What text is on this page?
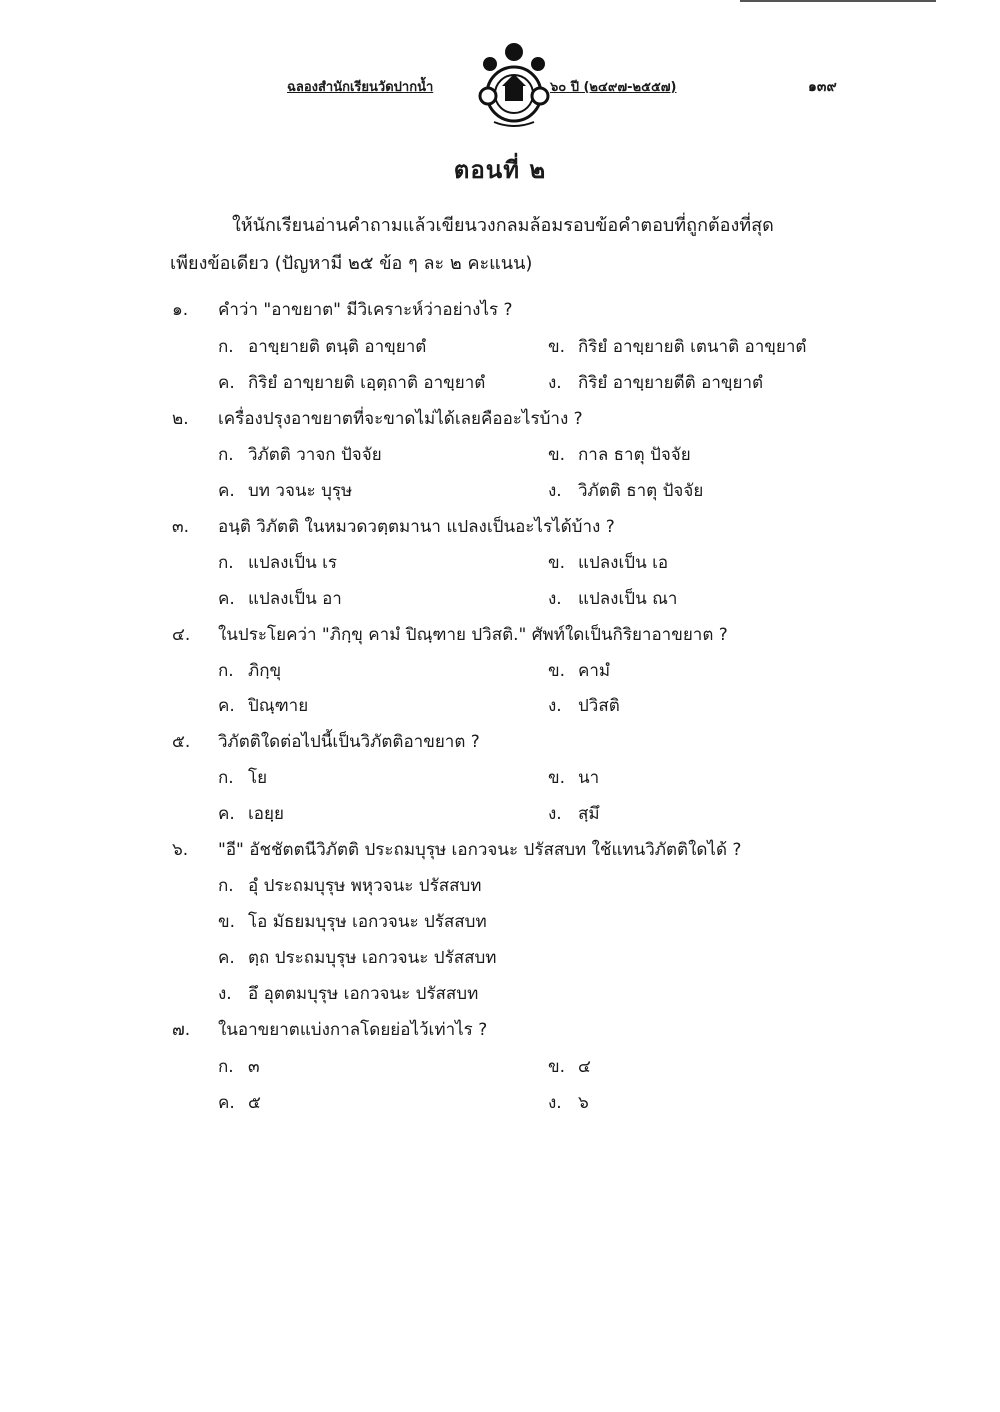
ฉลองสำนักเรียนวัดปากน้ำ	๖๐ ปี (๒๔๙๗-๒๕๕๗)	๑๓๙
ตอนที่ ๒
ให้นักเรียนอ่านคำถามแล้วเขียนวงกลมล้อมรอบข้อคำตอบที่ถูกต้องที่สุด
เพียงข้อเดียว (ปัญหามี ๒๕ ข้อ ๆ ละ ๒ คะแนน)
๑.	คำว่า "อาขยาต" มีวิเคราะห์ว่าอย่างไร ?
ก. อาขฺยายติ ตนฺติ อาขฺยาตํ	ข. กิริยํ อาขฺยายติ เตนาติ อาขฺยาตํ
ค. กิริยํ อาขฺยายติ เอฺตฺถาติ อาขฺยาตํ	ง. กิริยํ อาขฺยายตีติ อาขฺยาตํ
๒.	เครื่องปรุงอาขยาตที่จะขาดไม่ได้เลยคืออะไรบ้าง ?
ก. วิภัตติ วาจก ปัจจัย	ข. กาล ธาตุ ปัจจัย
ค. บท วจนะ บุรุษ	ง. วิภัตติ ธาตุ ปัจจัย
๓.	อนฺติ วิภัตติ ในหมวดวตฺตมานา แปลงเป็นอะไรได้บ้าง ?
ก. แปลงเป็น เร	ข. แปลงเป็น เอ
ค. แปลงเป็น อา	ง. แปลงเป็น ณา
๔.	ในประโยคว่า "ภิกฺขุ คามํ ปิณฺฑาย ปวิสติ." ศัพท์ใดเป็นกิริยาอาขยาต ?
ก. ภิกฺขุ	ข. คามํ
ค. ปิณฺฑาย	ง. ปวิสติ
๕.	วิภัตติใดต่อไปนี้เป็นวิภัตติอาขยาต ?
ก. โย	ข. นา
ค. เอยฺย	ง. สฺมึ
๖.	"อี" อัชชัตตนีวิภัตติ ประถมบุรุษ เอกวจนะ ปรัสสบท ใช้แทนวิภัตติใดได้ ?
ก. อุํ ประถมบุรุษ พหุวจนะ ปรัสสบท
ข. โอ มัธยมบุรุษ เอกวจนะ ปรัสสบท
ค. ตฺถ ประถมบุรุษ เอกวจนะ ปรัสสบท
ง. อึ อุตตมบุรุษ เอกวจนะ ปรัสสบท
๗.	ในอาขยาตแบ่งกาลโดยย่อไว้เท่าไร ?
ก. ๓	ข. ๔
ค. ๕	ง. ๖
